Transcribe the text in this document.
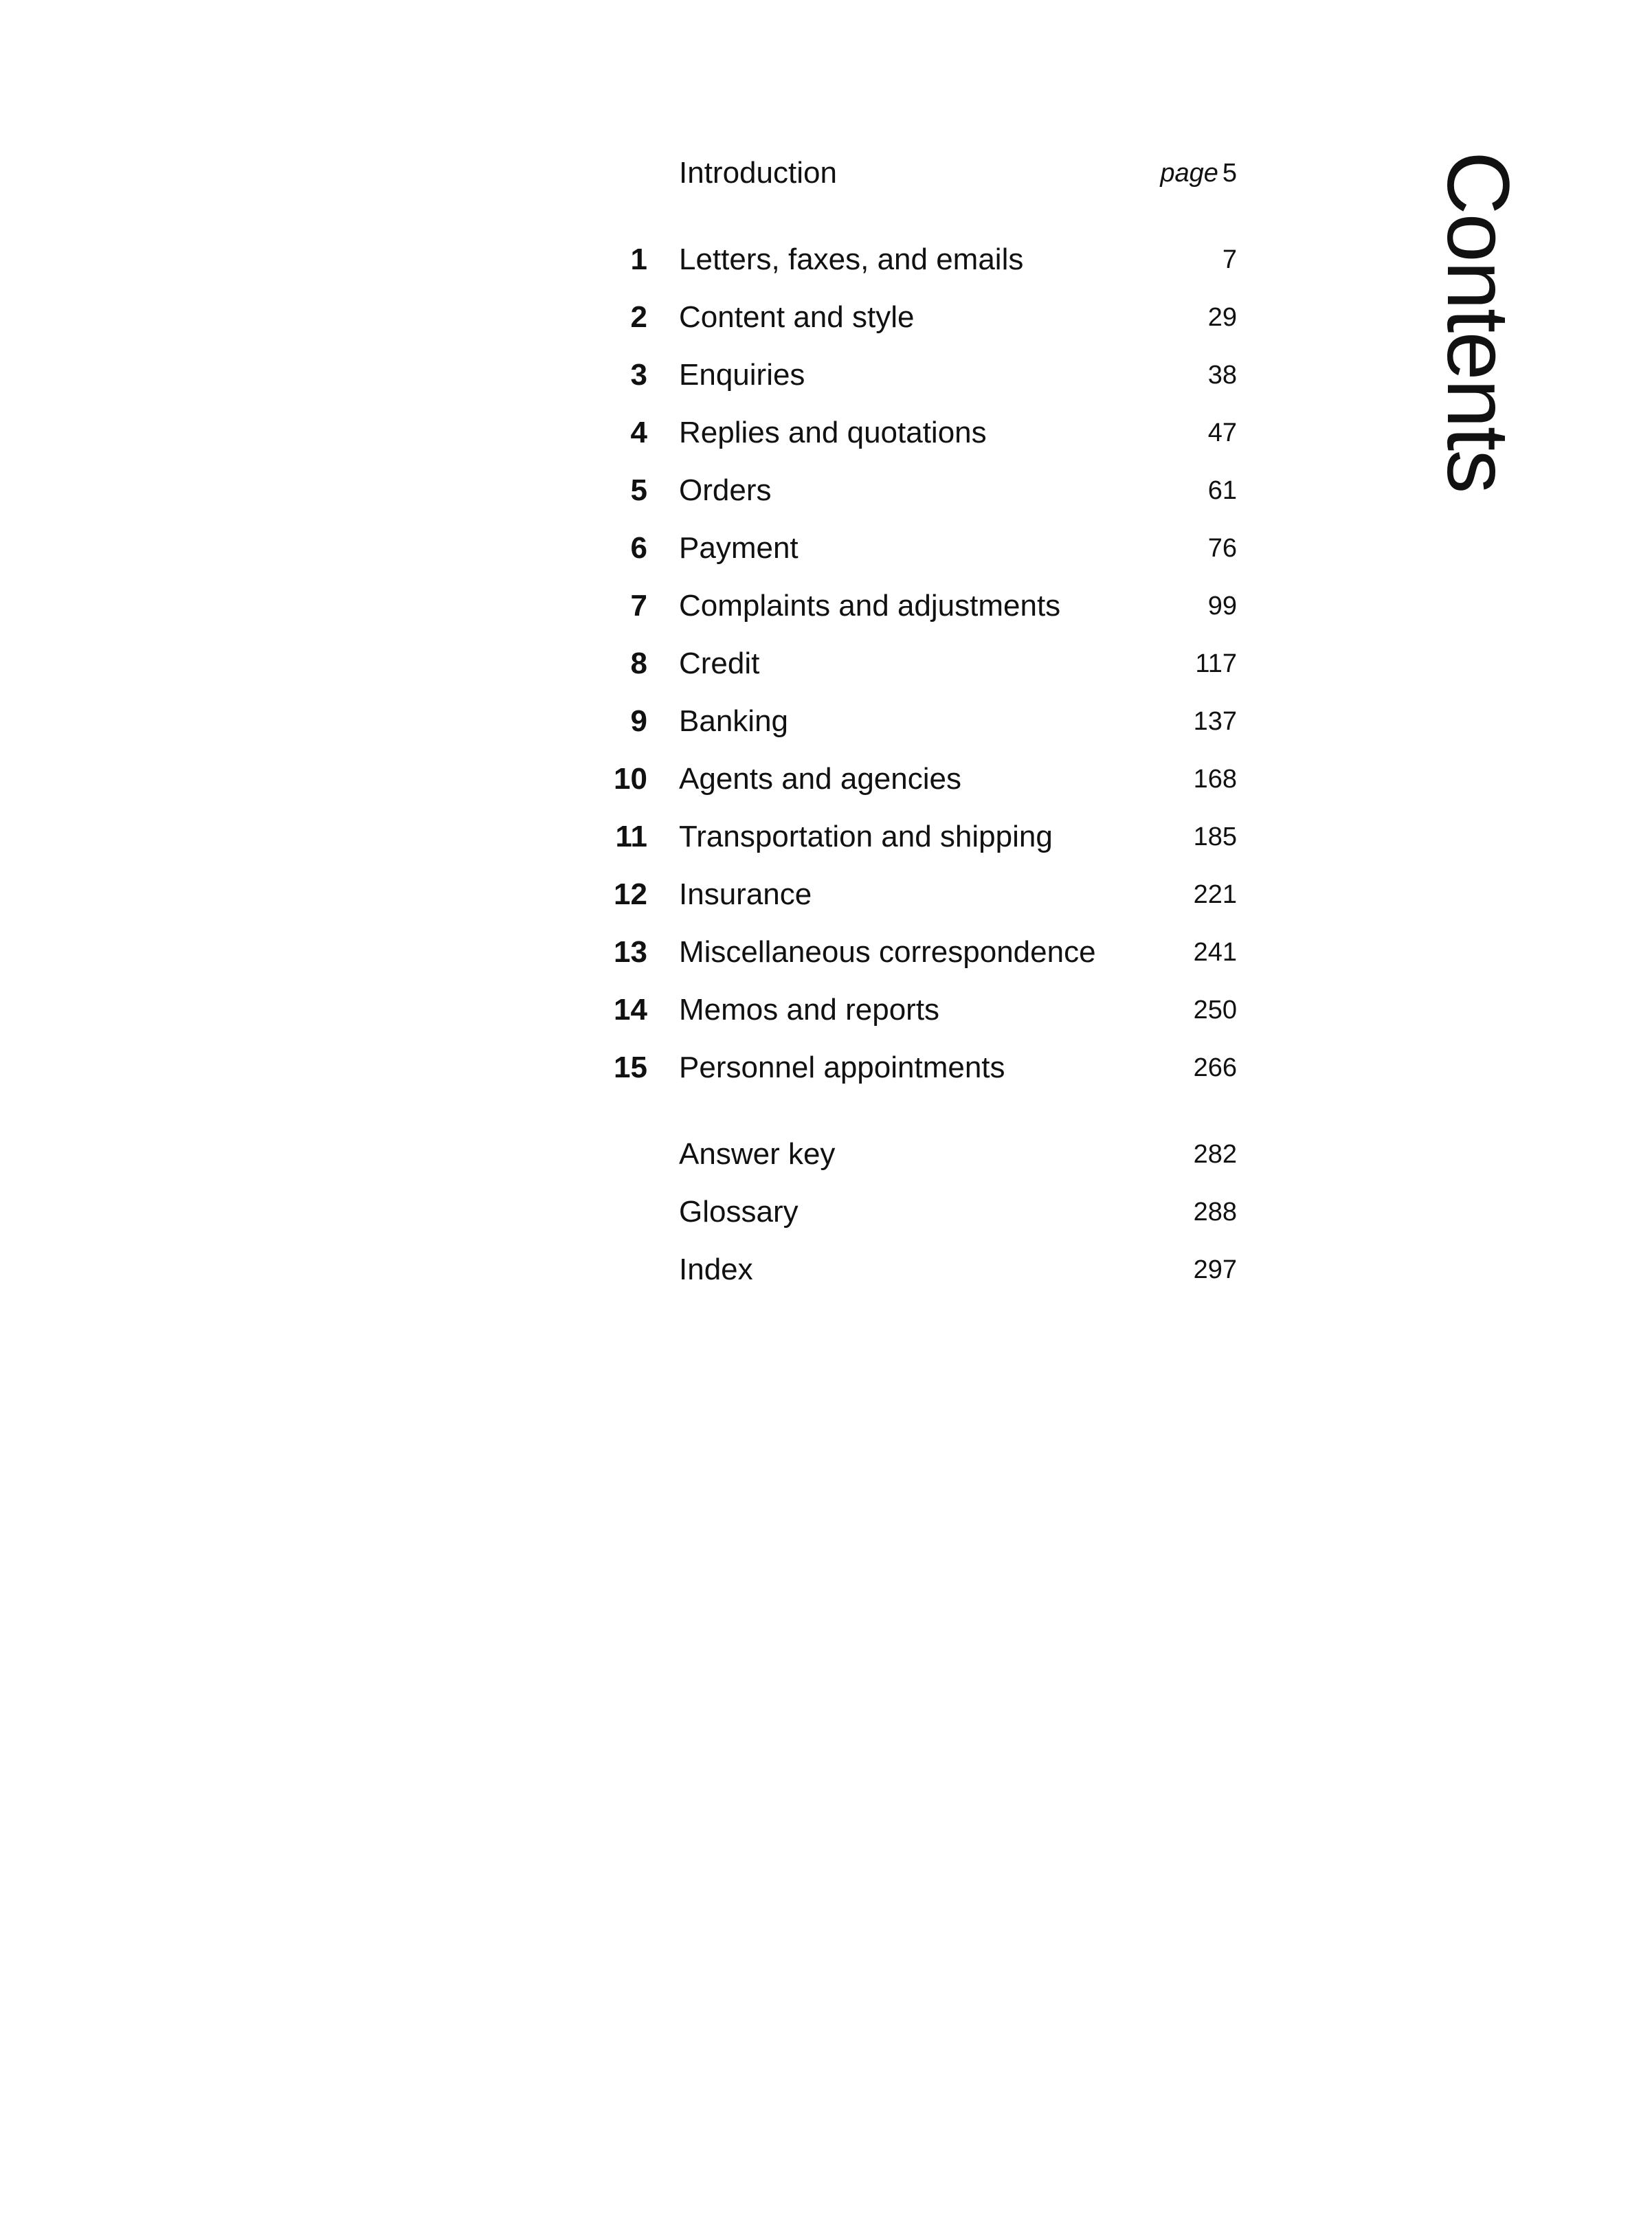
Contents
Introduction	page 5
1 Letters, faxes, and emails	7
2 Content and style	29
3 Enquiries	38
4 Replies and quotations	47
5 Orders	61
6 Payment	76
7 Complaints and adjustments	99
8 Credit	117
9 Banking	137
10 Agents and agencies	168
11 Transportation and shipping	185
12 Insurance	221
13 Miscellaneous correspondence	241
14 Memos and reports	250
15 Personnel appointments	266
Answer key	282
Glossary	288
Index	297
